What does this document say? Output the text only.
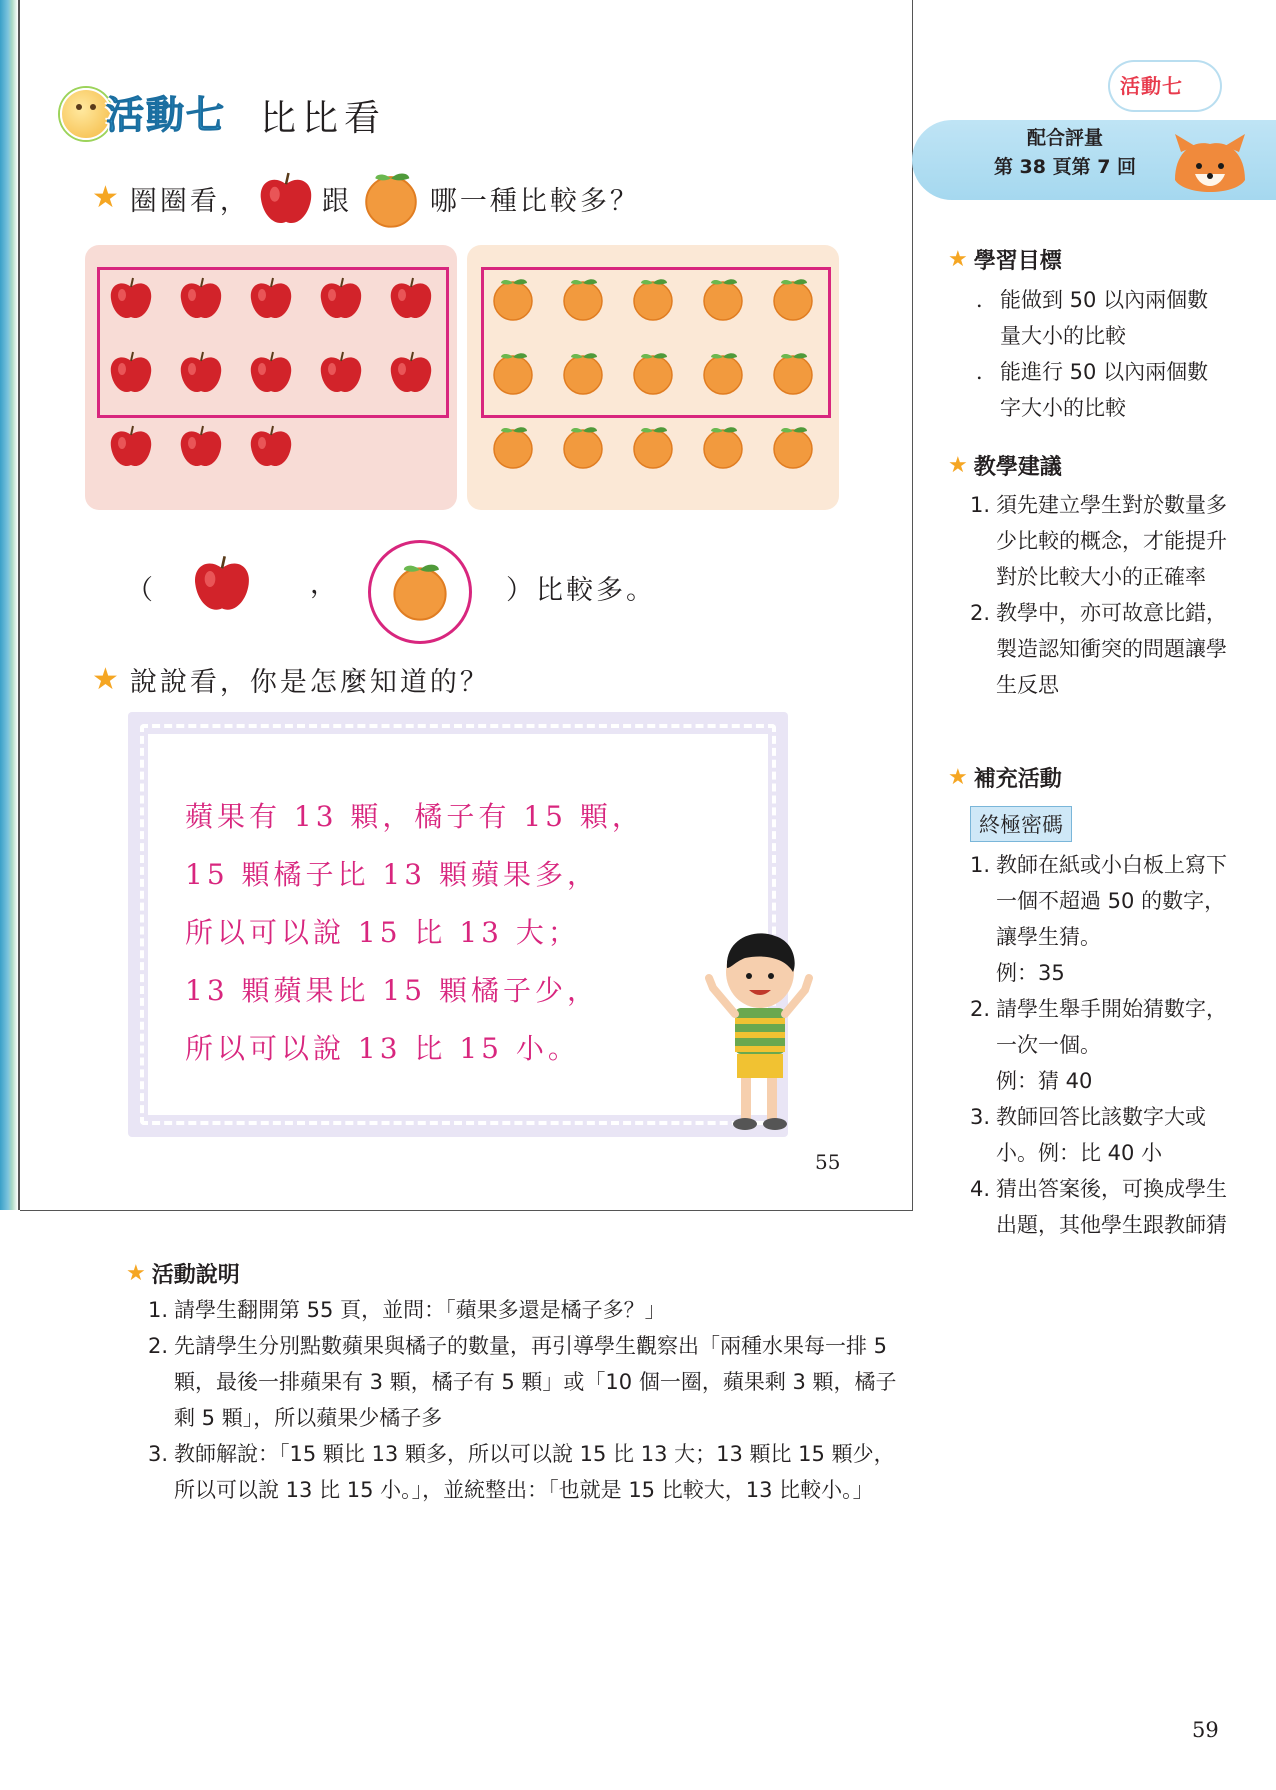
活動七 比比看
★ 圈圈看，	跟	哪一種比較多？
（	，	）比較多。
★ 說說看，你是怎麼知道的？
蘋果有 13 顆，橘子有 15 顆，
15 顆橘子比 13 顆蘋果多，
所以可以說 15 比 13 大；
13 顆蘋果比 15 顆橘子少，
所以可以說 13 比 15 小。
55
活動七
配合評量
第 38 頁第 7 回
★ 學習目標
． 能做到 50 以內兩個數量大小的比較
． 能進行 50 以內兩個數字大小的比較
★ 教學建議
1. 須先建立學生對於數量多少比較的概念，才能提升對於比較大小的正確率
2. 教學中，亦可故意比錯，製造認知衝突的問題讓學生反思
★ 補充活動
終極密碼
1. 教師在紙或小白板上寫下一個不超過 50 的數字，讓學生猜。
例：35
2. 請學生舉手開始猜數字，一次一個。
例：猜 40
3. 教師回答比該數字大或小。例：比 40 小
4. 猜出答案後，可換成學生出題，其他學生跟教師猜
★ 活動說明
1. 請學生翻開第 55 頁，並問：「蘋果多還是橘子多？」
2. 先請學生分別點數蘋果與橘子的數量，再引導學生觀察出「兩種水果每一排 5 顆，最後一排蘋果有 3 顆，橘子有 5 顆」或「10 個一圈，蘋果剩 3 顆，橘子剩 5 顆」，所以蘋果少橘子多
3. 教師解說：「15 顆比 13 顆多，所以可以說 15 比 13 大；13 顆比 15 顆少，所以可以說 13 比 15 小。」，並統整出：「也就是 15 比較大，13 比較小。」
59
